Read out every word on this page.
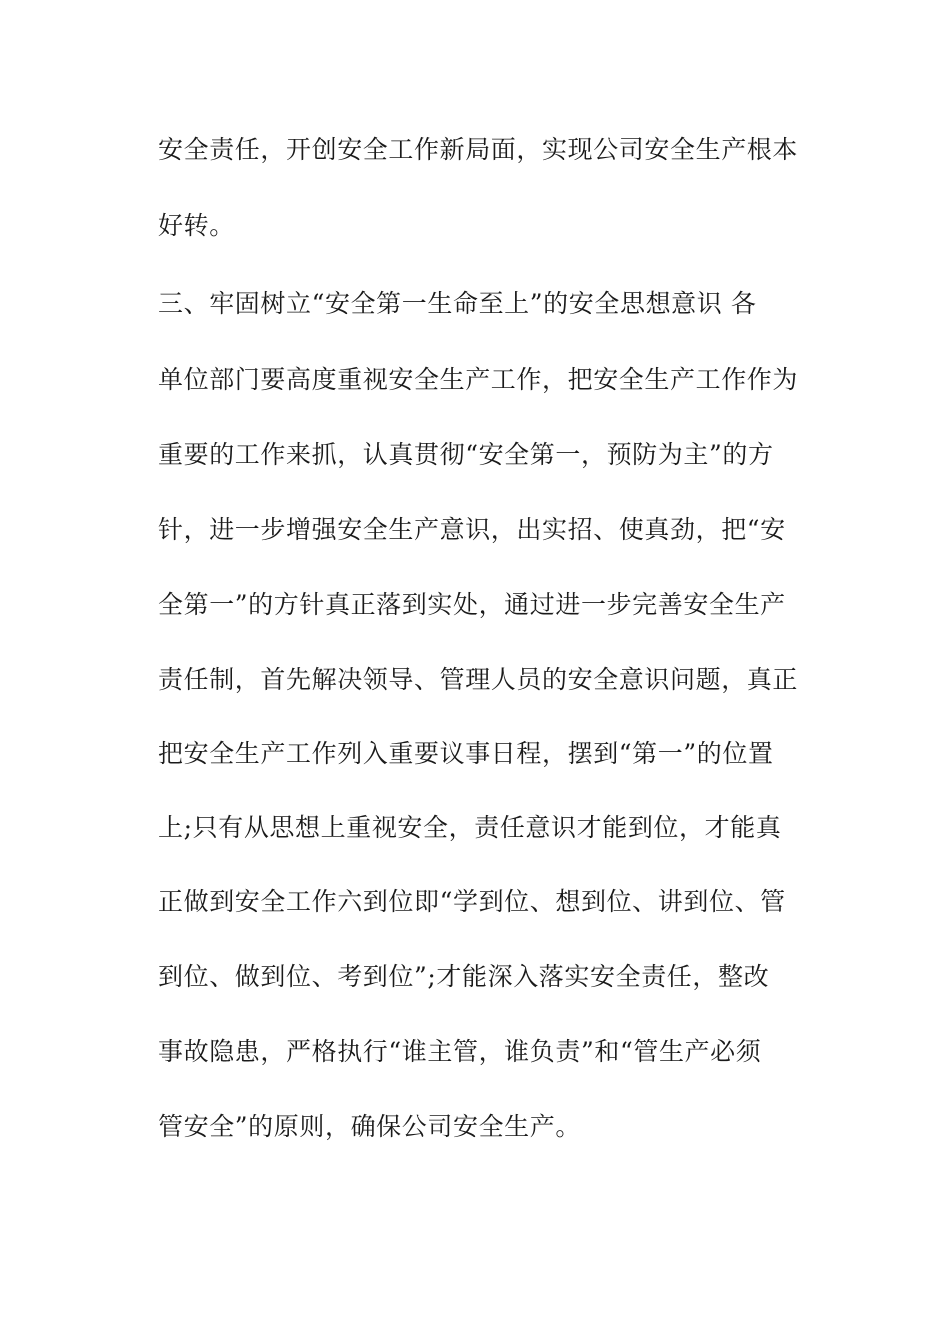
安全责任，开创安全工作新局面，实现公司安全生产根本
好转。
三、牢固树立“安全第一生命至上”的安全思想意识 各
单位部门要高度重视安全生产工作，把安全生产工作作为
重要的工作来抓，认真贯彻“安全第一，预防为主”的方
针，进一步增强安全生产意识，出实招、使真劲，把“安
全第一”的方针真正落到实处，通过进一步完善安全生产
责任制，首先解决领导、管理人员的安全意识问题，真正
把安全生产工作列入重要议事日程，摆到“第一”的位置
上;只有从思想上重视安全，责任意识才能到位，才能真
正做到安全工作六到位即“学到位、想到位、讲到位、管
到位、做到位、考到位”;才能深入落实安全责任，整改
事故隐患，严格执行“谁主管，谁负责”和“管生产必须
管安全”的原则，确保公司安全生产。
